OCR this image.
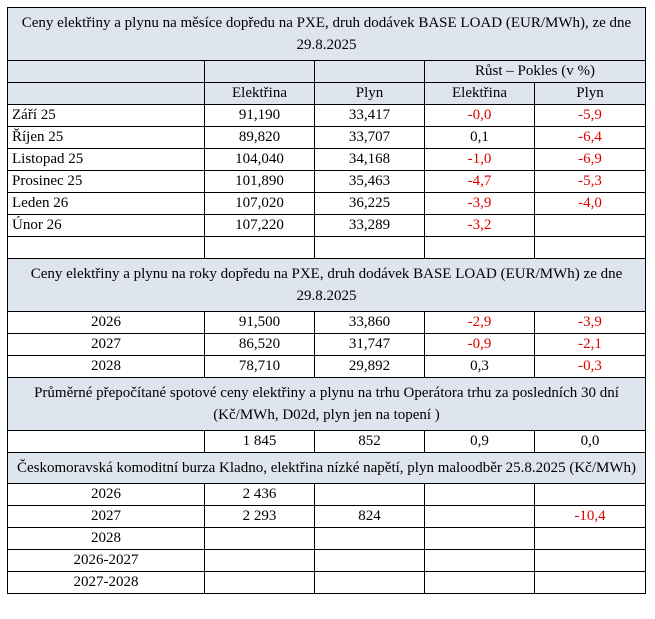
Ceny elektřiny a plynu na měsíce dopředu na PXE, druh dodávek BASE LOAD (EUR/MWh), ze dne 29.8.2025				
			Růst – Pokles (v %)	
	Elektřina	Plyn	Elektřina	Plyn
Září 25	91,190	33,417	-0,0	-5,9
Říjen 25	89,820	33,707	0,1	-6,4
Listopad 25	104,040	34,168	-1,0	-6,9
Prosinec 25	101,890	35,463	-4,7	-5,3
Leden 26	107,020	36,225	-3,9	-4,0
Únor 26	107,220	33,289	-3,2	

Ceny elektřiny a plynu na roky dopředu na PXE, druh dodávek BASE LOAD (EUR/MWh) ze dne 29.8.2025				
2026	91,500	33,860	-2,9	-3,9
2027	86,520	31,747	-0,9	-2,1
2028	78,710	29,892	0,3	-0,3
Průměrné přepočítané spotové ceny elektřiny a plynu na trhu Operátora trhu za posledních 30 dní (Kč/MWh, D02d, plyn jen na topení )				
	1 845	852	0,9	0,0
Českomoravská komoditní burza Kladno, elektřina nízké napětí, plyn maloodběr 25.8.2025 (Kč/MWh)				
2026	2 436			
2027	2 293	824		-10,4
2028				
2026-2027				
2027-2028				
